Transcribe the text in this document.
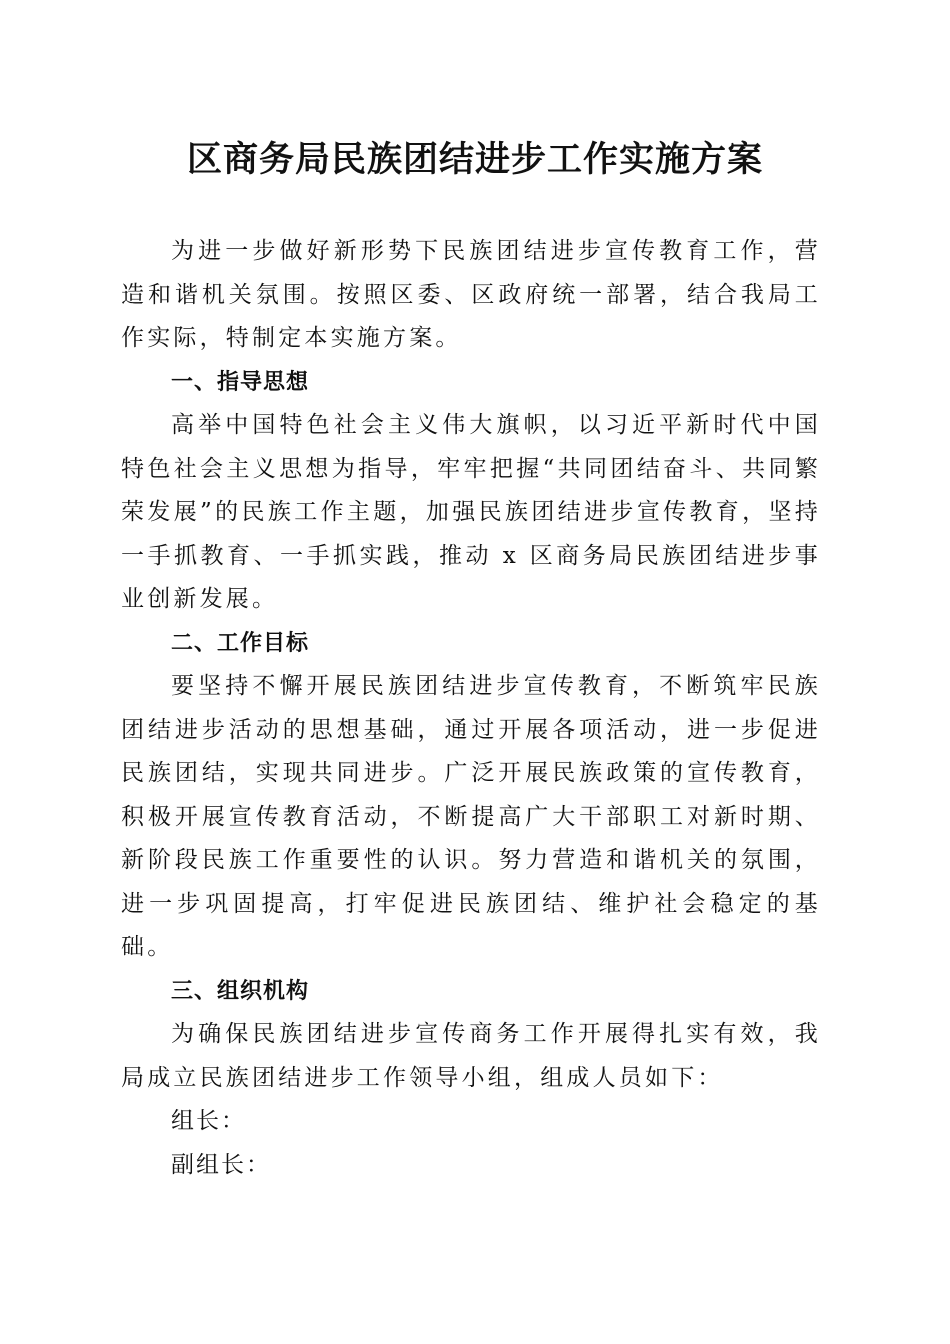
区商务局民族团结进步工作实施方案

为进一步做好新形势下民族团结进步宣传教育工作，营造和谐机关氛围。按照区委、区政府统一部署，结合我局工作实际，特制定本实施方案。

一、指导思想

高举中国特色社会主义伟大旗帜，以习近平新时代中国特色社会主义思想为指导，牢牢把握“共同团结奋斗、共同繁荣发展”的民族工作主题，加强民族团结进步宣传教育，坚持一手抓教育、一手抓实践，推动 x 区商务局民族团结进步事业创新发展。

二、工作目标

要坚持不懈开展民族团结进步宣传教育，不断筑牢民族团结进步活动的思想基础，通过开展各项活动，进一步促进民族团结，实现共同进步。广泛开展民族政策的宣传教育，积极开展宣传教育活动，不断提高广大干部职工对新时期、新阶段民族工作重要性的认识。努力营造和谐机关的氛围，进一步巩固提高，打牢促进民族团结、维护社会稳定的基础。

三、组织机构

为确保民族团结进步宣传商务工作开展得扎实有效，我局成立民族团结进步工作领导小组，组成人员如下：

组长：

副组长：
